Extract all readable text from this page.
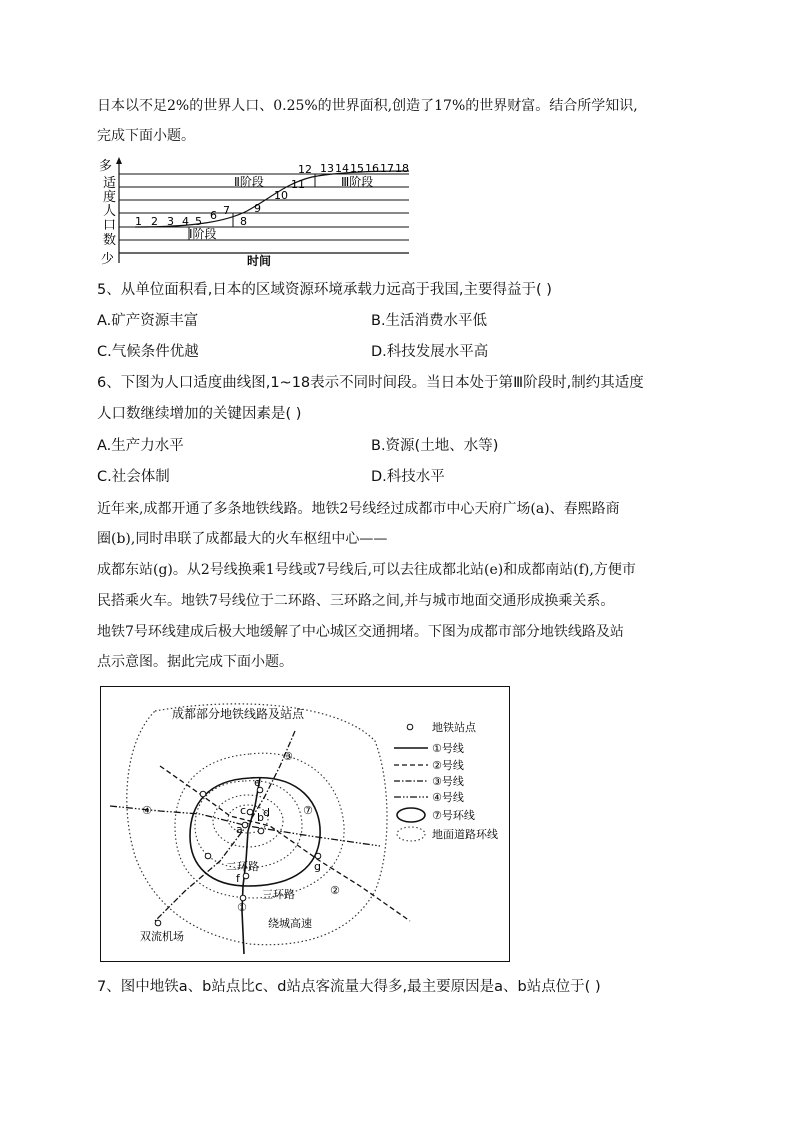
日本以不足2%的世界人口、0.25%的世界面积,创造了17%的世界财富。结合所学知识,
完成下面小题。
多
适
度
人
口
数
少	时间
Ⅰ阶段
Ⅱ阶段	Ⅲ阶段
1 2 3 4 5 6 7
8
9
10
11
12 13 14 15 16 17 18
5、从单位面积看,日本的区域资源环境承载力远高于我国,主要得益于( )
A.矿产资源丰富	B.生活消费水平低
C.气候条件优越	D.科技发展水平高
6、下图为人口适度曲线图,1~18表示不同时间段。当日本处于第Ⅲ阶段时,制约其适度
人口数继续增加的关键因素是( )
A.生产力水平	B.资源(土地、水等)
C.社会体制	D.科技水平
近年来,成都开通了多条地铁线路。地铁2号线经过成都市中心天府广场(a)、春熙路商
圈(b),同时串联了成都最大的火车枢纽中心——
成都东站(g)。从2号线换乘1号线或7号线后,可以去往成都北站(e)和成都南站(f),方便市
民搭乘火车。地铁7号线位于二环路、三环路之间,并与城市地面交通形成换乘关系。
地铁7号环线建成后极大地缓解了中心城区交通拥堵。下图为成都市部分地铁线路及站
点示意图。据此完成下面小题。
成都部分地铁线路及站点
e
c
a
b d
g
f
③
④	⑦
②
①
二环路
三环路
绕城高速
双流机场
地铁站点
①号线
②号线
③号线
④号线
⑦号环线
地面道路环线
7、图中地铁a、b站点比c、d站点客流量大得多,最主要原因是a、b站点位于( )
